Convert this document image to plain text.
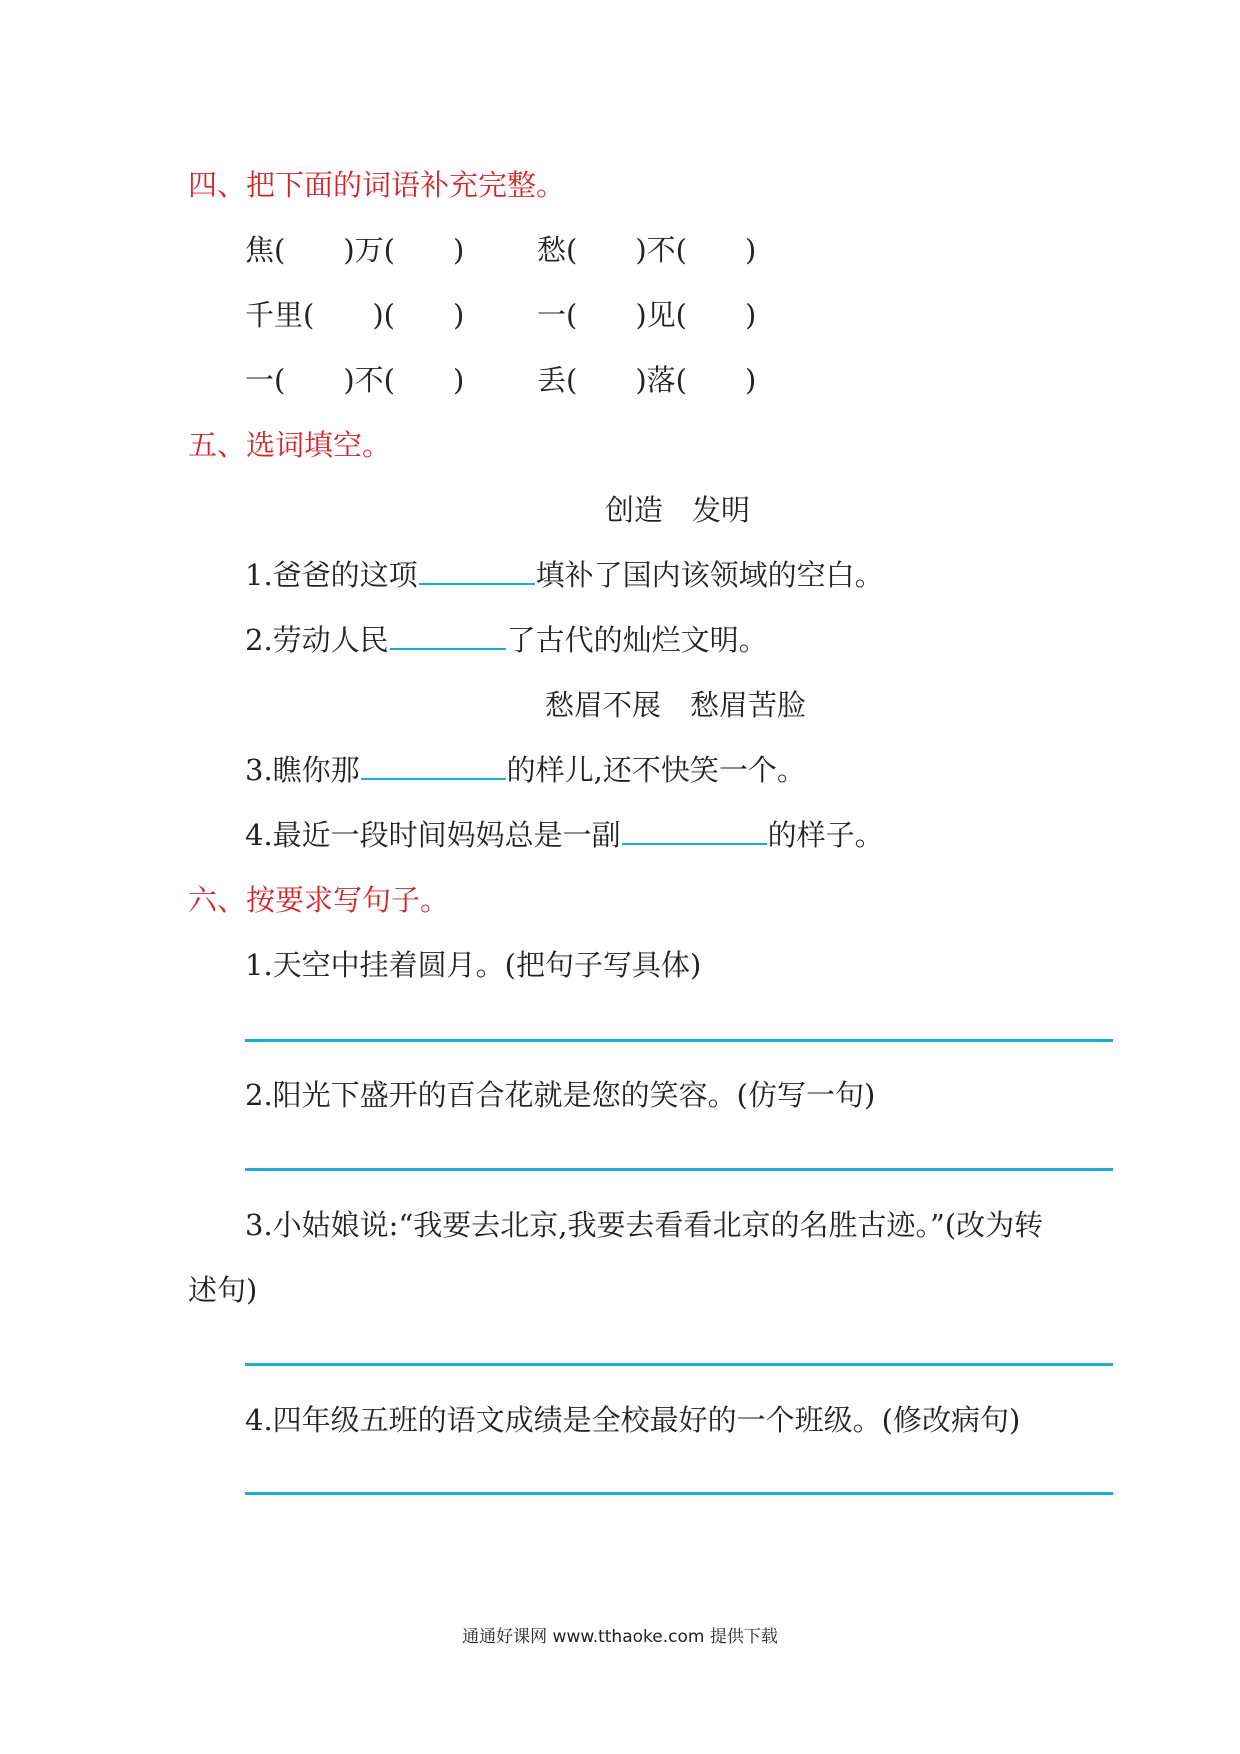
四、把下面的词语补充完整。
焦(　　)万(　　)	愁(　　)不(　　)
千里(　　)(　　)	一(　　)见(　　)
一(　　)不(　　)	丢(　　)落(　　)
五、选词填空。
创造　发明
1.爸爸的这项	填补了国内该领域的空白。
2.劳动人民	了古代的灿烂文明。
愁眉不展　愁眉苦脸
3.瞧你那	的样儿,还不快笑一个。
4.最近一段时间妈妈总是一副	的样子。
六、按要求写句子。
1.天空中挂着圆月。(把句子写具体)
2.阳光下盛开的百合花就是您的笑容。(仿写一句)
3.小姑娘说:“我要去北京,我要去看看北京的名胜古迹。”(改为转
述句)
4.四年级五班的语文成绩是全校最好的一个班级。(修改病句)
通通好课网 www.tthaoke.com 提供下载
